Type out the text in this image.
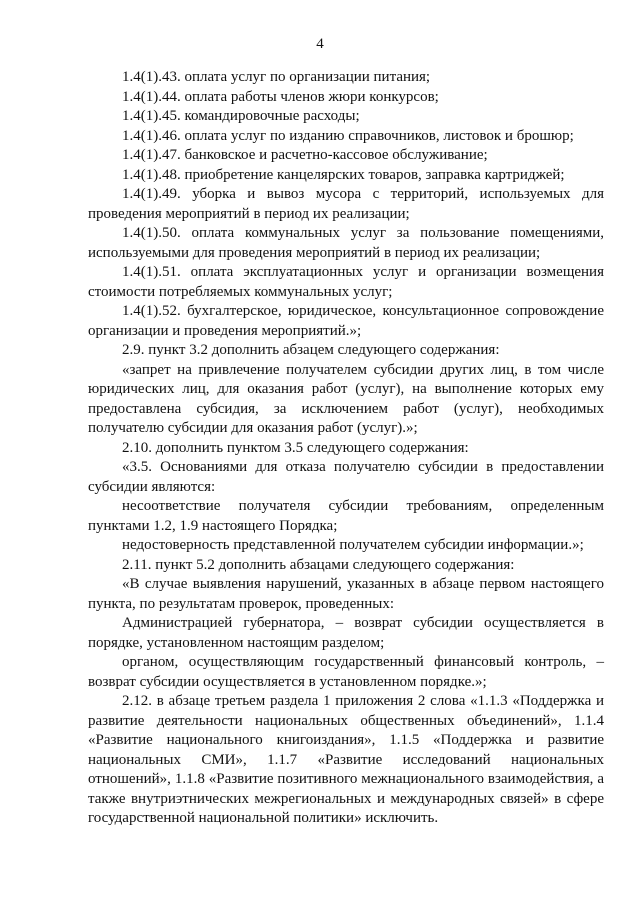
4

1.4(1).43. оплата услуг по организации питания;

1.4(1).44. оплата работы членов жюри конкурсов;

1.4(1).45. командировочные расходы;

1.4(1).46. оплата услуг по изданию справочников, листовок и брошюр;

1.4(1).47. банковское и расчетно-кассовое обслуживание;

1.4(1).48. приобретение канцелярских товаров, заправка картриджей;

1.4(1).49. уборка и вывоз мусора с территорий, используемых для проведения мероприятий в период их реализации;

1.4(1).50. оплата коммунальных услуг за пользование помещениями, используемыми для проведения мероприятий в период их реализации;

1.4(1).51. оплата эксплуатационных услуг и организации возмещения стоимости потребляемых коммунальных услуг;

1.4(1).52. бухгалтерское, юридическое, консультационное сопровождение организации и проведения мероприятий.»;

2.9. пункт 3.2 дополнить абзацем следующего содержания:

«запрет на привлечение получателем субсидии других лиц, в том числе юридических лиц, для оказания работ (услуг), на выполнение которых ему предоставлена субсидия, за исключением работ (услуг), необходимых получателю субсидии для оказания работ (услуг).»;

2.10. дополнить пунктом 3.5 следующего содержания:

«3.5. Основаниями для отказа получателю субсидии в предоставлении субсидии являются:

несоответствие получателя субсидии требованиям, определенным пунктами 1.2, 1.9 настоящего Порядка;

недостоверность представленной получателем субсидии информации.»;

2.11. пункт 5.2 дополнить абзацами следующего содержания:

«В случае выявления нарушений, указанных в абзаце первом настоящего пункта, по результатам проверок, проведенных:

Администрацией губернатора, – возврат субсидии осуществляется в порядке, установленном настоящим разделом;

органом, осуществляющим государственный финансовый контроль, – возврат субсидии осуществляется в установленном порядке.»;

2.12. в абзаце третьем раздела 1 приложения 2 слова «1.1.3 «Поддержка и развитие деятельности национальных общественных объединений», 1.1.4 «Развитие национального книгоиздания», 1.1.5 «Поддержка и развитие национальных СМИ», 1.1.7 «Развитие исследований национальных отношений», 1.1.8 «Развитие позитивного межнационального взаимодействия, а также внутриэтнических межрегиональных и международных связей» в сфере государственной национальной политики» исключить.
